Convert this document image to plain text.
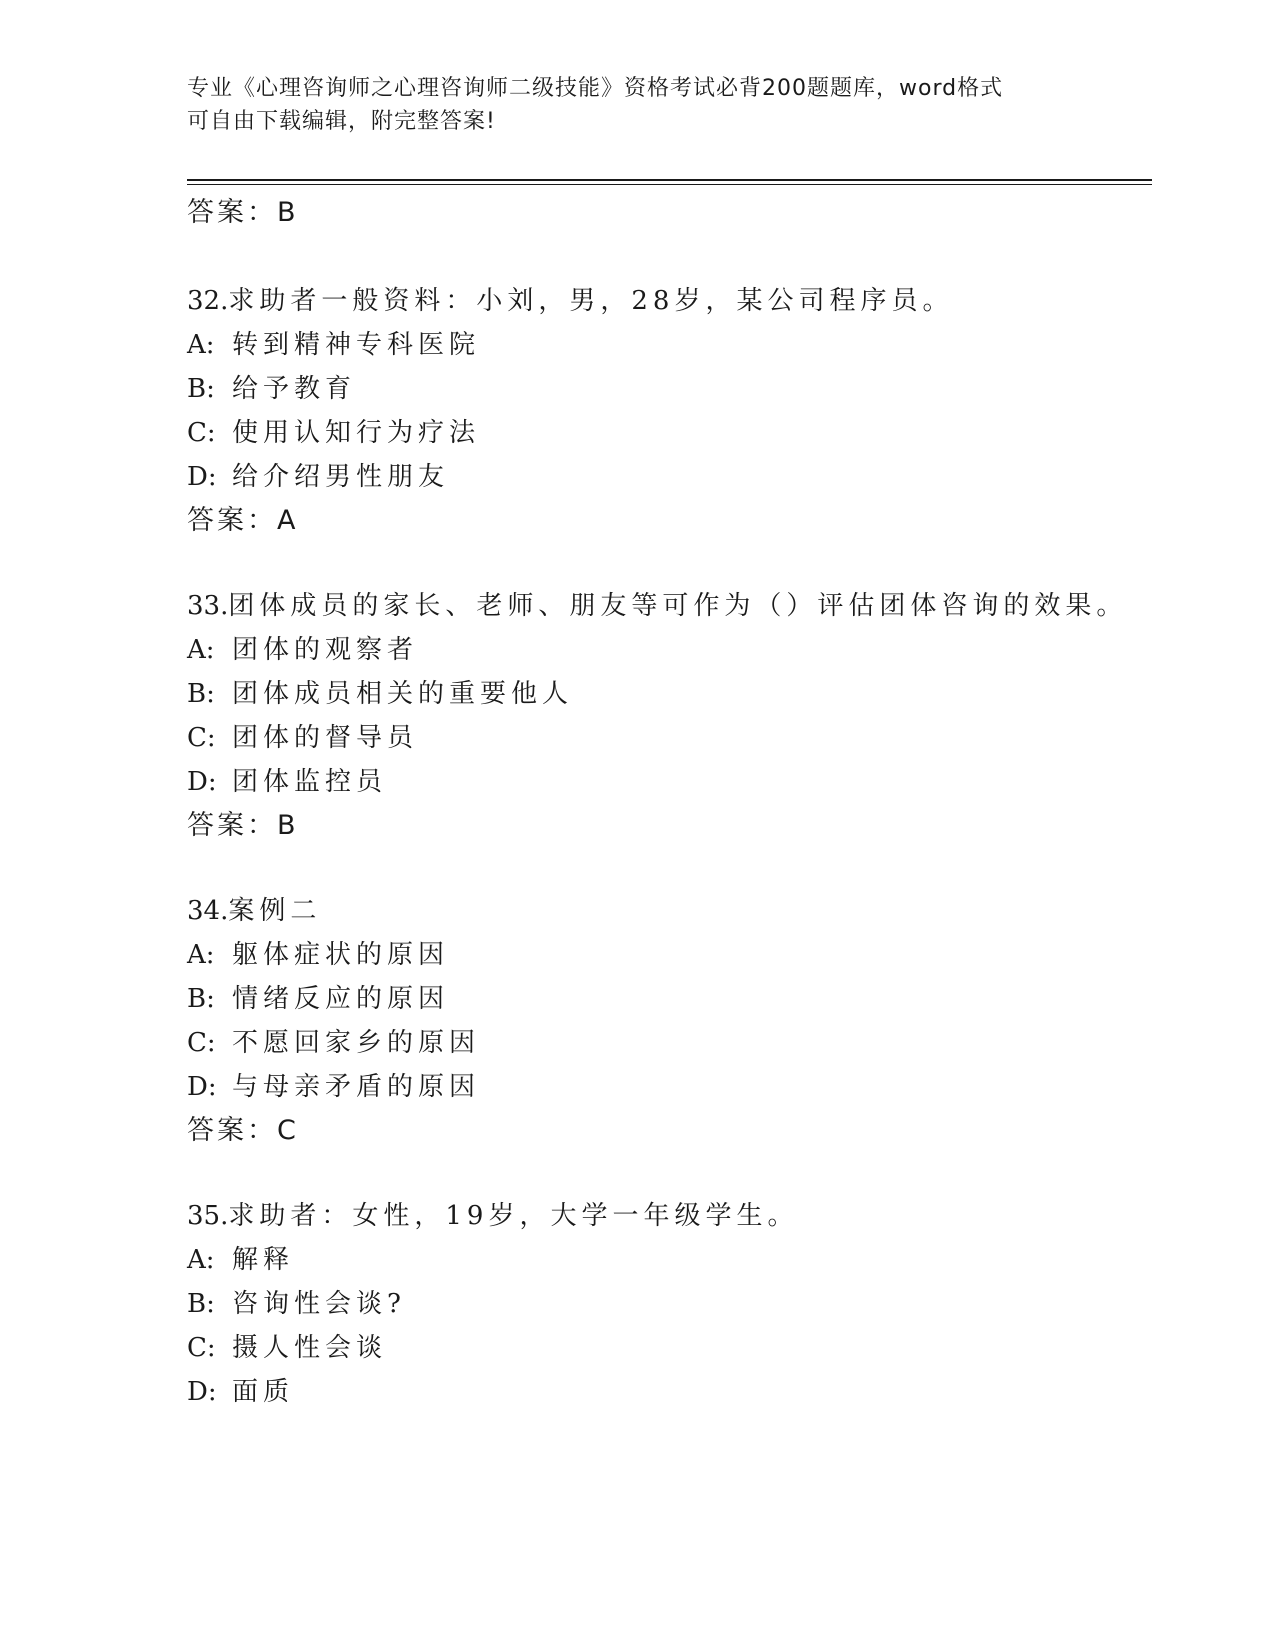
专业《心理咨询师之心理咨询师二级技能》资格考试必背200题题库，word格式
可自由下载编辑，附完整答案!
答案：B
32.求助者一般资料：小刘，男，28岁，某公司程序员。
A: 转到精神专科医院
B: 给予教育
C: 使用认知行为疗法
D: 给介绍男性朋友
答案：A
33.团体成员的家长、老师、朋友等可作为（）评估团体咨询的效果。
A: 团体的观察者
B: 团体成员相关的重要他人
C: 团体的督导员
D: 团体监控员
答案：B
34.案例二
A: 躯体症状的原因
B: 情绪反应的原因
C: 不愿回家乡的原因
D: 与母亲矛盾的原因
答案：C
35.求助者：女性，19岁，大学一年级学生。
A: 解释
B: 咨询性会谈?
C: 摄人性会谈
D: 面质
